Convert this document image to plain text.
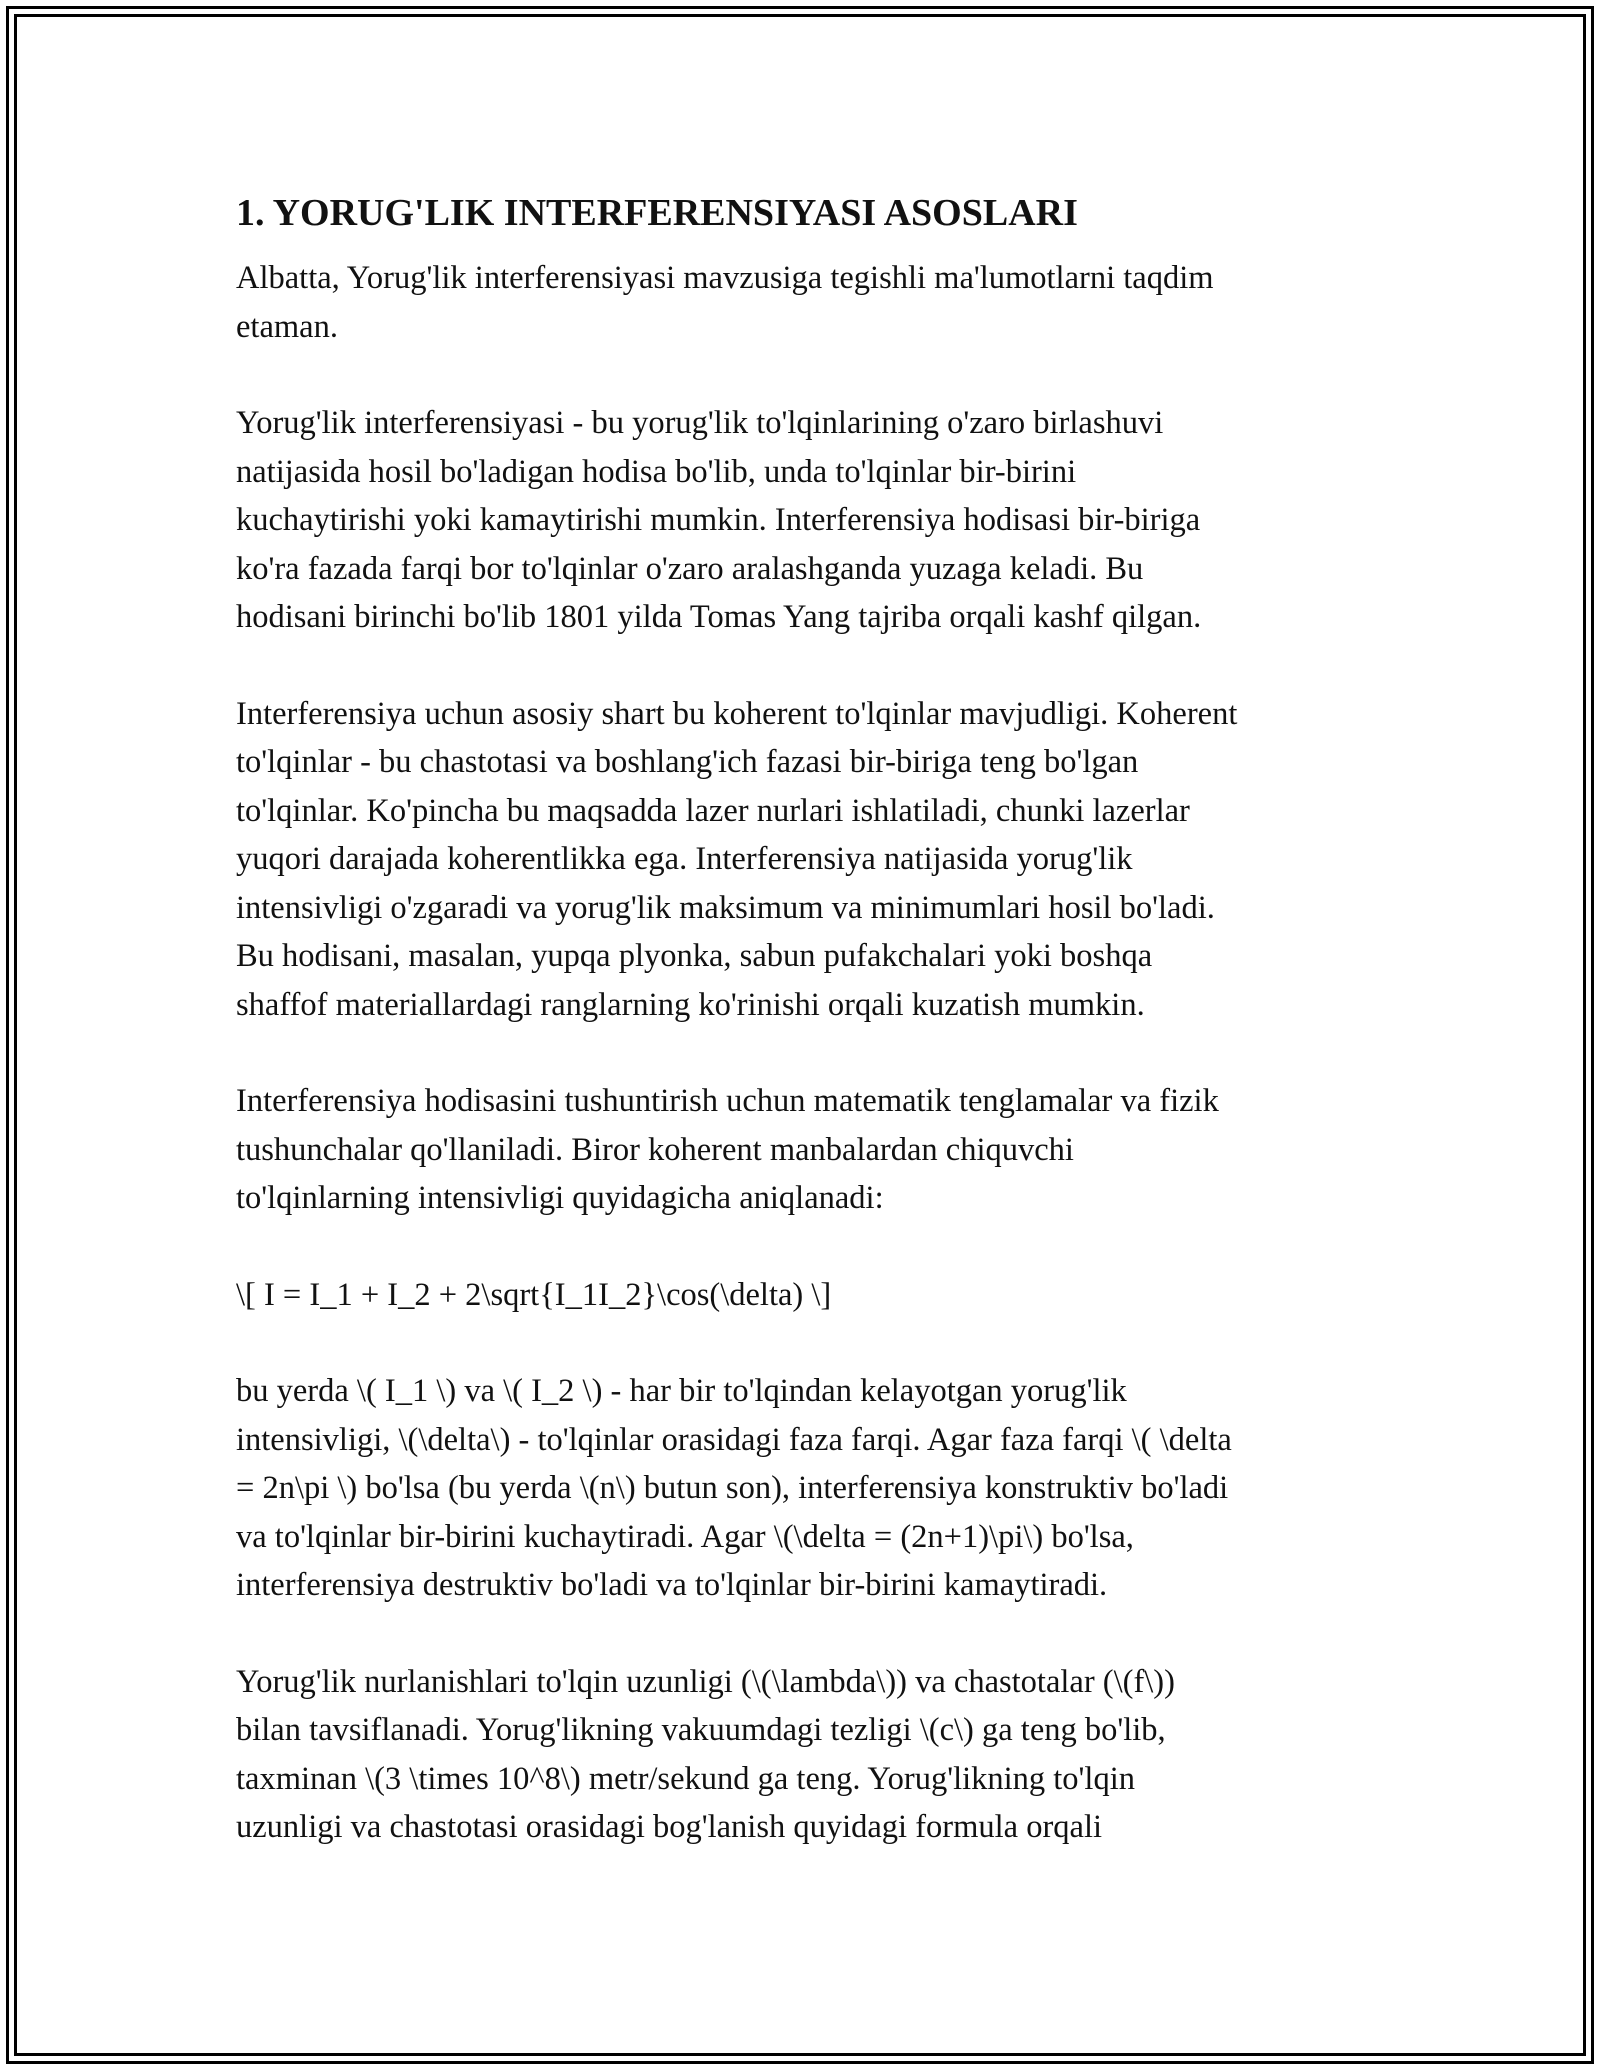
1. YORUG'LIK INTERFERENSIYASI ASOSLARI

Albatta, Yorug'lik interferensiyasi mavzusiga tegishli ma'lumotlarni taqdim
etaman.

Yorug'lik interferensiyasi - bu yorug'lik to'lqinlarining o'zaro birlashuvi
natijasida hosil bo'ladigan hodisa bo'lib, unda to'lqinlar bir-birini
kuchaytirishi yoki kamaytirishi mumkin. Interferensiya hodisasi bir-biriga
ko'ra fazada farqi bor to'lqinlar o'zaro aralashganda yuzaga keladi. Bu
hodisani birinchi bo'lib 1801 yilda Tomas Yang tajriba orqali kashf qilgan.

Interferensiya uchun asosiy shart bu koherent to'lqinlar mavjudligi. Koherent
to'lqinlar - bu chastotasi va boshlang'ich fazasi bir-biriga teng bo'lgan
to'lqinlar. Ko'pincha bu maqsadda lazer nurlari ishlatiladi, chunki lazerlar
yuqori darajada koherentlikka ega. Interferensiya natijasida yorug'lik
intensivligi o'zgaradi va yorug'lik maksimum va minimumlari hosil bo'ladi.
Bu hodisani, masalan, yupqa plyonka, sabun pufakchalari yoki boshqa
shaffof materiallardagi ranglarning ko'rinishi orqali kuzatish mumkin.

Interferensiya hodisasini tushuntirish uchun matematik tenglamalar va fizik
tushunchalar qo'llaniladi. Biror koherent manbalardan chiquvchi
to'lqinlarning intensivligi quyidagicha aniqlanadi:

\[ I = I_1 + I_2 + 2\sqrt{I_1I_2}\cos(\delta) \]

bu yerda \( I_1 \) va \( I_2 \) - har bir to'lqindan kelayotgan yorug'lik
intensivligi, \(\delta\) - to'lqinlar orasidagi faza farqi. Agar faza farqi \( \delta
= 2n\pi \) bo'lsa (bu yerda \(n\) butun son), interferensiya konstruktiv bo'ladi
va to'lqinlar bir-birini kuchaytiradi. Agar \(\delta = (2n+1)\pi\) bo'lsa,
interferensiya destruktiv bo'ladi va to'lqinlar bir-birini kamaytiradi.

Yorug'lik nurlanishlari to'lqin uzunligi (\(\lambda\)) va chastotalar (\(f\))
bilan tavsiflanadi. Yorug'likning vakuumdagi tezligi \(c\) ga teng bo'lib,
taxminan \(3 \times 10^8\) metr/sekund ga teng. Yorug'likning to'lqin
uzunligi va chastotasi orasidagi bog'lanish quyidagi formula orqali
